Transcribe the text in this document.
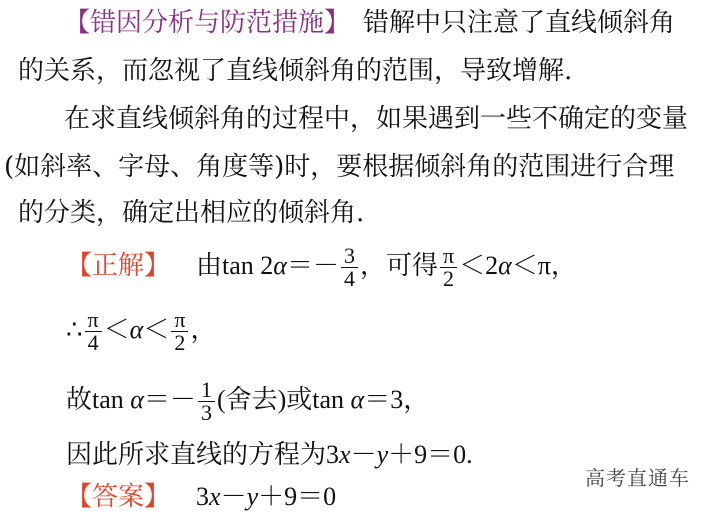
【错因分析与防范措施】　错解中只注意了直线倾斜角
的关系，而忽视了直线倾斜角的范围，导致增解.
在求直线倾斜角的过程中，如果遇到一些不确定的变量
(如斜率、字母、角度等)时，要根据倾斜角的范围进行合理
的分类，确定出相应的倾斜角.
【正解】 由$\tan 2\alpha=- \frac{3}{4}$ ，可得 $\frac{\pi}{2} <2\alpha<\pi$，
∴ $\frac{\pi}{4} <\alpha< \frac{\pi}{2}$ ，
故$\tan \alpha=- \frac{1}{3}$ (舍去)或tan α＝3，
因此所求直线的方程为3x－y＋9＝0.
【答案】 3x－y＋9＝0
高考直通车
